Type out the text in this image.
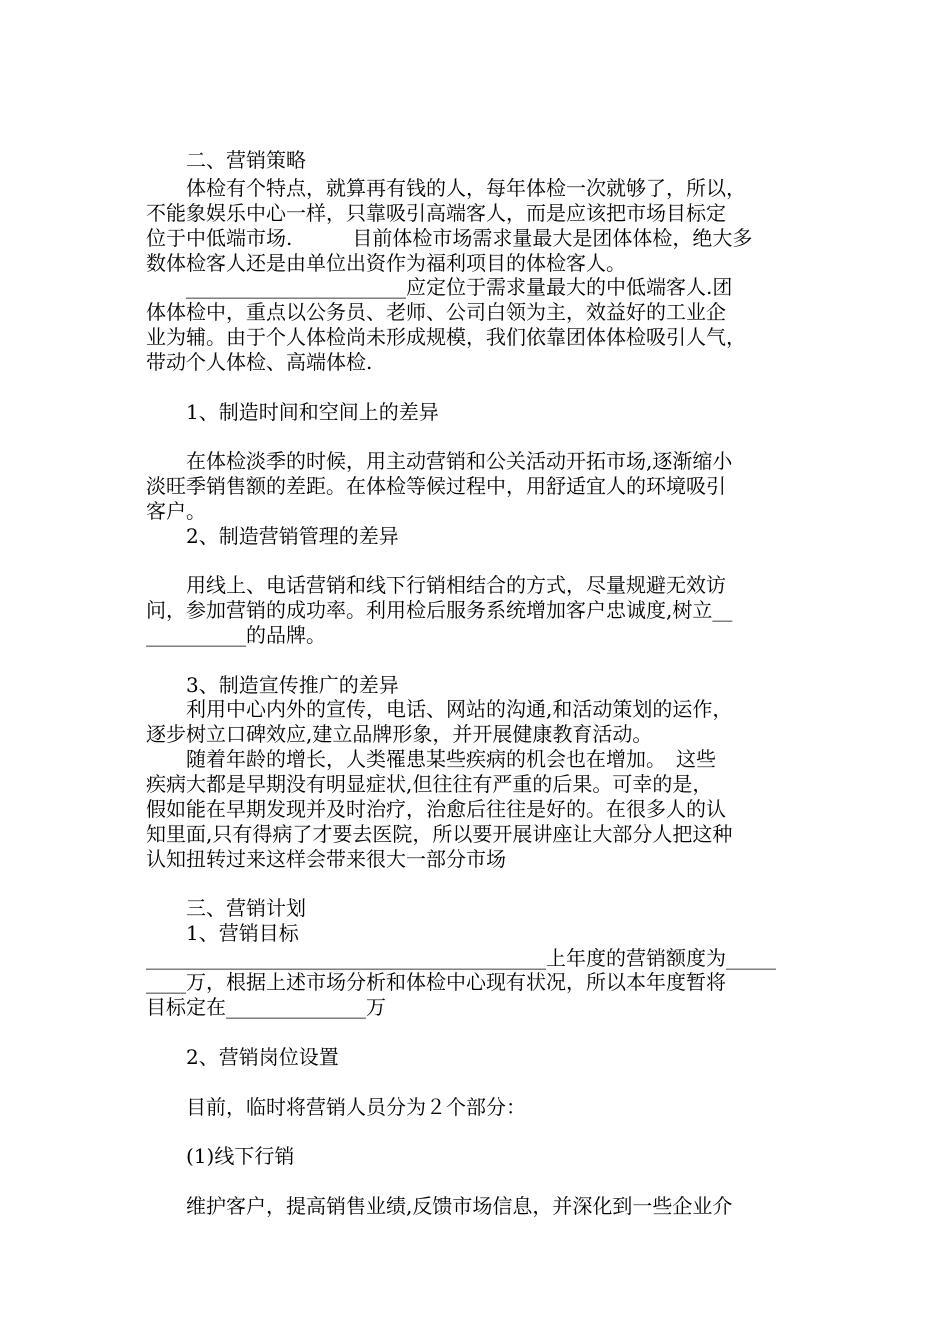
　　二、营销策略

　　体检有个特点，就算再有钱的人，每年体检一次就够了，所以，

不能象娱乐中心一样，只靠吸引高端客人，而是应该把市场目标定

位于中低端市场.　　　目前体检市场需求量最大是团体体检，绝大多

数体检客人还是由单位出资作为福利项目的体检客人。

　　______________________应定位于需求量最大的中低端客人.团

体体检中，重点以公务员、老师、公司白领为主，效益好的工业企

业为辅。由于个人体检尚未形成规模，我们依靠团体体检吸引人气，

带动个人体检、高端体检.

　　1、制造时间和空间上的差异

　　在体检淡季的时候，用主动营销和公关活动开拓市场,逐渐缩小

淡旺季销售额的差距。在体检等候过程中，用舒适宜人的环境吸引

客户。

　　2、制造营销管理的差异

　　用线上、电话营销和线下行销相结合的方式，尽量规避无效访

问，参加营销的成功率。利用检后服务系统增加客户忠诚度,树立__

__________的品牌。

　　3、制造宣传推广的差异

　　利用中心内外的宣传，电话、网站的沟通,和活动策划的运作，

逐步树立口碑效应,建立品牌形象，并开展健康教育活动。

　　随着年龄的增长，人类罹患某些疾病的机会也在增加。　这些

疾病大都是早期没有明显症状,但往往有严重的后果。可幸的是，

假如能在早期发现并及时治疗，治愈后往往是好的。在很多人的认

知里面,只有得病了才要去医院，所以要开展讲座让大部分人把这种

认知扭转过来这样会带来很大一部分市场

　　三、营销计划

　　1、营销目标

________________________________________上年度的营销额度为_____

____万，根据上述市场分析和体检中心现有状况，所以本年度暂将

目标定在______________万

　　2、营销岗位设置

　　目前，临时将营销人员分为２个部分：

　　(1)线下行销

　　维护客户，提高销售业绩,反馈市场信息，并深化到一些企业介
